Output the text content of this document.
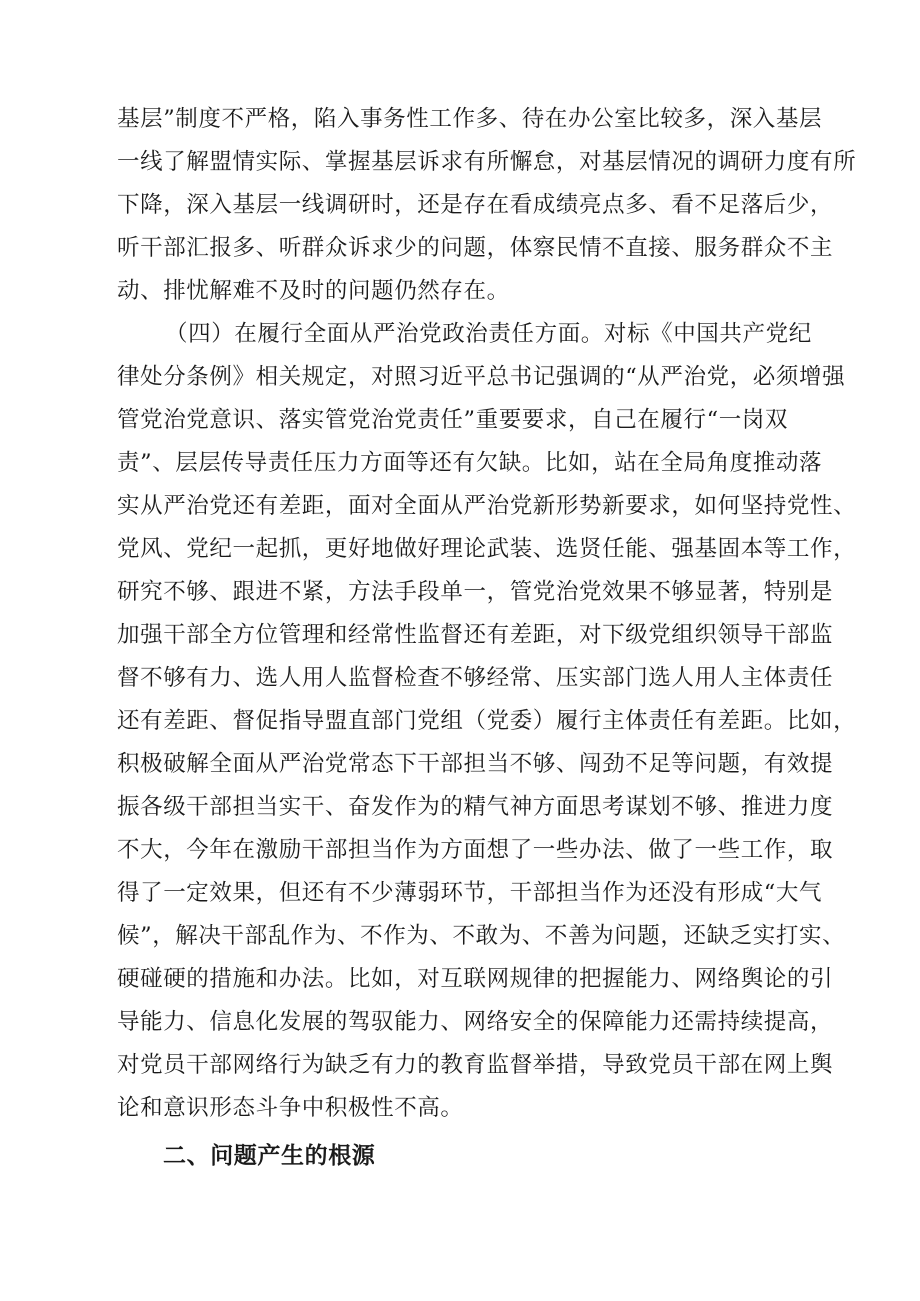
基层”制度不严格，陷入事务性工作多、待在办公室比较多，深入基层
一线了解盟情实际、掌握基层诉求有所懈怠，对基层情况的调研力度有所
下降，深入基层一线调研时，还是存在看成绩亮点多、看不足落后少，
听干部汇报多、听群众诉求少的问题，体察民情不直接、服务群众不主
动、排忧解难不及时的问题仍然存在。
（四）在履行全面从严治党政治责任方面。对标《中国共产党纪
律处分条例》相关规定，对照习近平总书记强调的“从严治党，必须增强
管党治党意识、落实管党治党责任”重要要求，自己在履行“一岗双
责”、层层传导责任压力方面等还有欠缺。比如，站在全局角度推动落
实从严治党还有差距，面对全面从严治党新形势新要求，如何坚持党性、
党风、党纪一起抓，更好地做好理论武装、选贤任能、强基固本等工作，
研究不够、跟进不紧，方法手段单一，管党治党效果不够显著，特别是
加强干部全方位管理和经常性监督还有差距，对下级党组织领导干部监
督不够有力、选人用人监督检查不够经常、压实部门选人用人主体责任
还有差距、督促指导盟直部门党组（党委）履行主体责任有差距。比如，
积极破解全面从严治党常态下干部担当不够、闯劲不足等问题，有效提
振各级干部担当实干、奋发作为的精气神方面思考谋划不够、推进力度
不大，今年在激励干部担当作为方面想了一些办法、做了一些工作，取
得了一定效果，但还有不少薄弱环节，干部担当作为还没有形成“大气
候”，解决干部乱作为、不作为、不敢为、不善为问题，还缺乏实打实、
硬碰硬的措施和办法。比如，对互联网规律的把握能力、网络舆论的引
导能力、信息化发展的驾驭能力、网络安全的保障能力还需持续提高，
对党员干部网络行为缺乏有力的教育监督举措，导致党员干部在网上舆
论和意识形态斗争中积极性不高。
二、问题产生的根源
